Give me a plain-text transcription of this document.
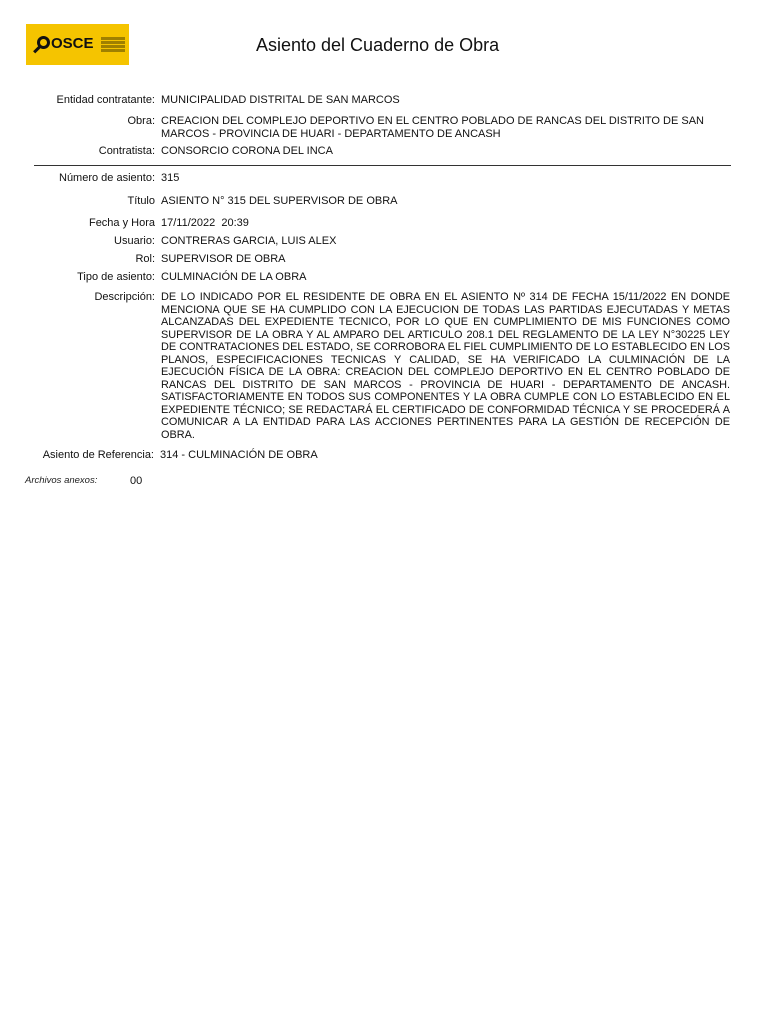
OSCE	Asiento del Cuaderno de Obra
Entidad contratante: MUNICIPALIDAD DISTRITAL DE SAN MARCOS
Obra: CREACION DEL COMPLEJO DEPORTIVO EN EL CENTRO POBLADO DE RANCAS DEL DISTRITO DE SAN MARCOS - PROVINCIA DE HUARI - DEPARTAMENTO DE ANCASH
Contratista: CONSORCIO CORONA DEL INCA
Número de asiento: 315
Título ASIENTO N° 315 DEL SUPERVISOR DE OBRA
Fecha y Hora 17/11/2022  20:39
Usuario: CONTRERAS GARCIA, LUIS ALEX
Rol: SUPERVISOR DE OBRA
Tipo de asiento: CULMINACIÓN DE LA OBRA
Descripción: DE LO INDICADO POR EL RESIDENTE DE OBRA EN EL ASIENTO Nº 314 DE FECHA 15/11/2022 EN DONDE MENCIONA QUE SE HA CUMPLIDO CON LA EJECUCION DE TODAS LAS PARTIDAS EJECUTADAS Y METAS ALCANZADAS DEL EXPEDIENTE TECNICO, POR LO QUE EN CUMPLIMIENTO DE MIS FUNCIONES COMO SUPERVISOR DE LA OBRA Y AL AMPARO DEL ARTICULO 208.1 DEL REGLAMENTO DE LA LEY N°30225 LEY DE CONTRATACIONES DEL ESTADO, SE CORROBORA EL FIEL CUMPLIMIENTO DE LO ESTABLECIDO EN LOS PLANOS, ESPECIFICACIONES TECNICAS Y CALIDAD, SE HA VERIFICADO LA CULMINACIÓN DE LA EJECUCIÓN FÍSICA DE LA OBRA: CREACION DEL COMPLEJO DEPORTIVO EN EL CENTRO POBLADO DE RANCAS DEL DISTRITO DE SAN MARCOS - PROVINCIA DE HUARI - DEPARTAMENTO DE ANCASH. SATISFACTORIAMENTE EN TODOS SUS COMPONENTES Y LA OBRA CUMPLE CON LO ESTABLECIDO EN EL EXPEDIENTE TÉCNICO; SE REDACTARÁ EL CERTIFICADO DE CONFORMIDAD TÉCNICA Y SE PROCEDERÁ A COMUNICAR A LA ENTIDAD PARA LAS ACCIONES PERTINENTES PARA LA GESTIÓN DE RECEPCIÓN DE OBRA.
Asiento de Referencia: 314 - CULMINACIÓN DE OBRA
Archivos anexos:	00
